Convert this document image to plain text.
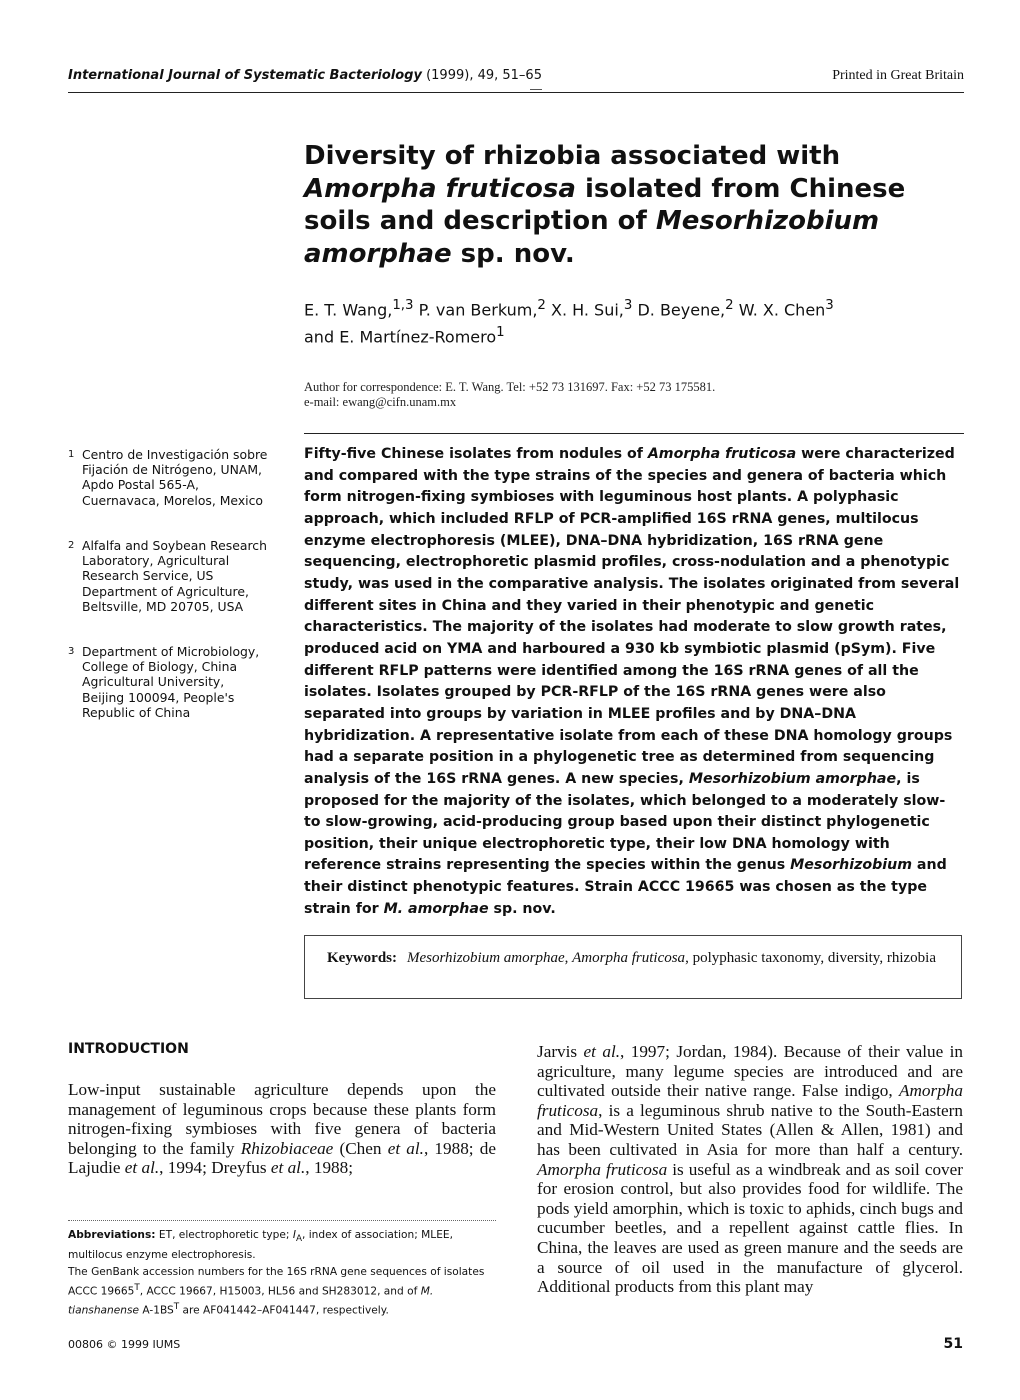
International Journal of Systematic Bacteriology (1999), 49, 51–65	Printed in Great Britain
Diversity of rhizobia associated with Amorpha fruticosa isolated from Chinese soils and description of Mesorhizobium amorphae sp. nov.
E. T. Wang,$^{1,3}$ P. van Berkum,$^2$ X. H. Sui,$^3$ D. Beyene,$^2$ W. X. Chen$^3$
and E. Martínez-Romero$^1$
Author for correspondence: E. T. Wang. Tel: +52 73 131697. Fax: +52 73 175581.
e-mail: ewang@cifn.unam.mx
1 Centro de Investigación sobre Fijación de Nitrógeno, UNAM, Apdo Postal 565-A, Cuernavaca, Morelos, Mexico
2 Alfalfa and Soybean Research Laboratory, Agricultural Research Service, US Department of Agriculture, Beltsville, MD 20705, USA
3 Department of Microbiology, College of Biology, China Agricultural University, Beijing 100094, People's Republic of China

Fifty-five Chinese isolates from nodules of Amorpha fruticosa were characterized and compared with the type strains of the species and genera of bacteria which form nitrogen-fixing symbioses with leguminous host plants. A polyphasic approach, which included RFLP of PCR-amplified 16S rRNA genes, multilocus enzyme electrophoresis (MLEE), DNA–DNA hybridization, 16S rRNA gene sequencing, electrophoretic plasmid profiles, cross-nodulation and a phenotypic study, was used in the comparative analysis. The isolates originated from several different sites in China and they varied in their phenotypic and genetic characteristics. The majority of the isolates had moderate to slow growth rates, produced acid on YMA and harboured a 930 kb symbiotic plasmid (pSym). Five different RFLP patterns were identified among the 16S rRNA genes of all the isolates. Isolates grouped by PCR-RFLP of the 16S rRNA genes were also separated into groups by variation in MLEE profiles and by DNA–DNA hybridization. A representative isolate from each of these DNA homology groups had a separate position in a phylogenetic tree as determined from sequencing analysis of the 16S rRNA genes. A new species, Mesorhizobium amorphae, is proposed for the majority of the isolates, which belonged to a moderately slow- to slow-growing, acid-producing group based upon their distinct phylogenetic position, their unique electrophoretic type, their low DNA homology with reference strains representing the species within the genus Mesorhizobium and their distinct phenotypic features. Strain ACCC 19665 was chosen as the type strain for M. amorphae sp. nov.

Keywords: Mesorhizobium amorphae, Amorpha fruticosa, polyphasic taxonomy, diversity, rhizobia
INTRODUCTION

Low-input sustainable agriculture depends upon the management of leguminous crops because these plants form nitrogen-fixing symbioses with five genera of bacteria belonging to the family Rhizobiaceae (Chen et al., 1988; de Lajudie et al., 1994; Dreyfus et al., 1988;

Jarvis et al., 1997; Jordan, 1984). Because of their value in agriculture, many legume species are introduced and are cultivated outside their native range. False indigo, Amorpha fruticosa, is a leguminous shrub native to the South-Eastern and Mid-Western United States (Allen & Allen, 1981) and has been cultivated in Asia for more than half a century. Amorpha fruticosa is useful as a windbreak and as soil cover for erosion control, but also provides food for wildlife. The pods yield amorphin, which is toxic to aphids, cinch bugs and cucumber beetles, and a repellent against cattle flies. In China, the leaves are used as green manure and the seeds are a source of oil used in the manufacture of glycerol. Additional products from this plant may

Abbreviations: ET, electrophoretic type; $I_A$, index of association; MLEE, multilocus enzyme electrophoresis.

The GenBank accession numbers for the 16S rRNA gene sequences of isolates ACCC $19665^T$, ACCC 19667, H15003, HL56 and SH283012, and of M. tianshanense $A-1BS^T$ are AF041442–AF041447, respectively.

00806 © 1999 IUMS	51
